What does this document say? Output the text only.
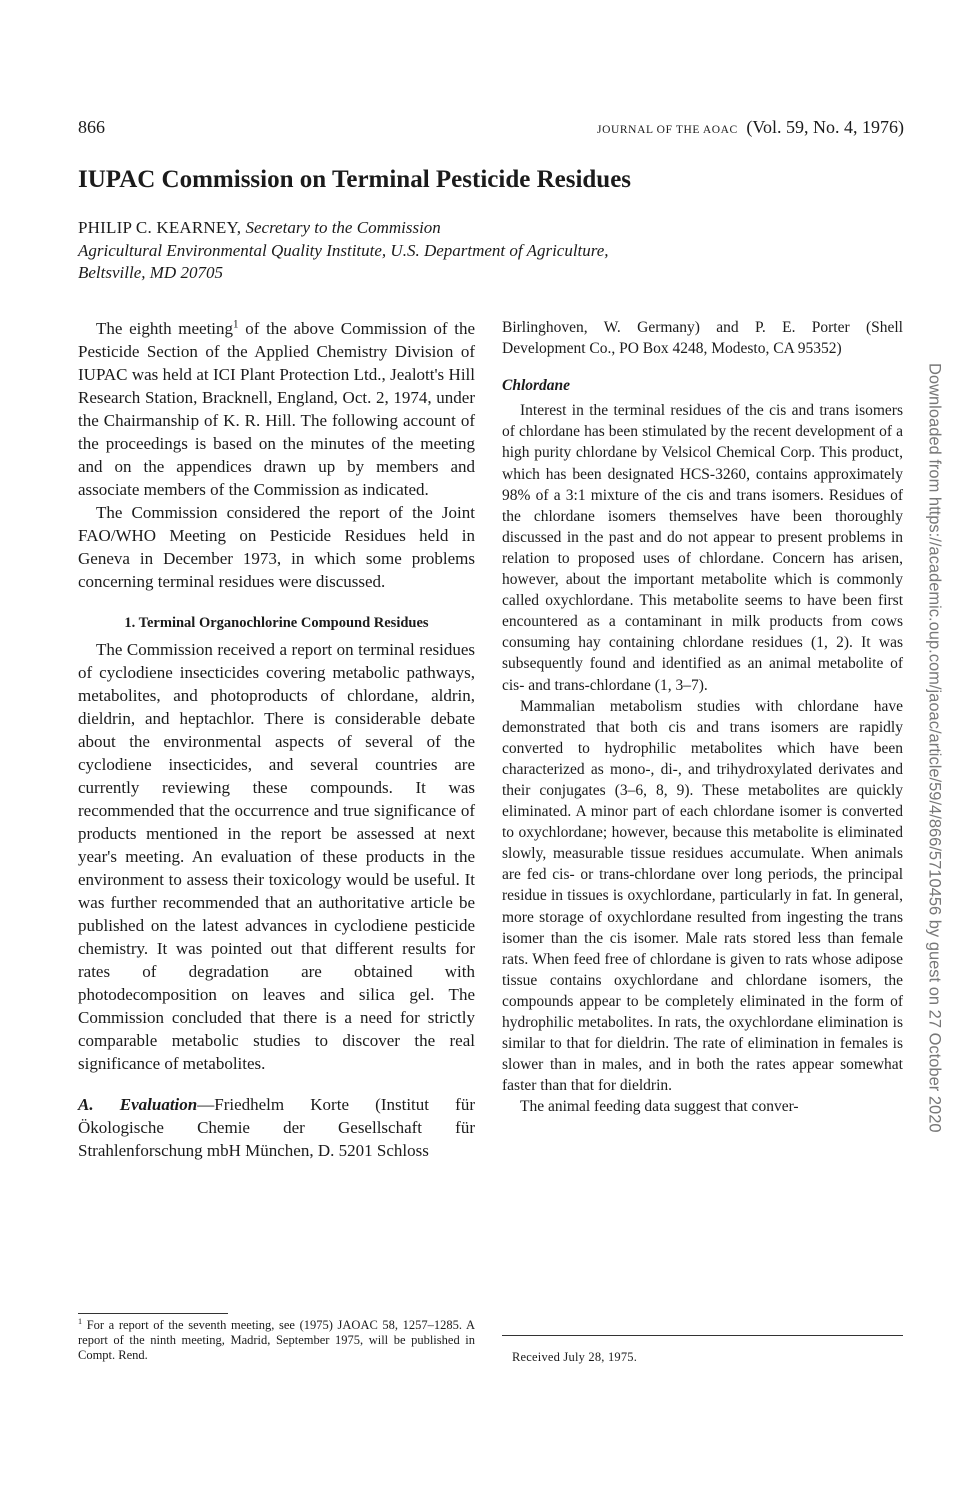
866	JOURNAL OF THE AOAC (Vol. 59, No. 4, 1976)
IUPAC Commission on Terminal Pesticide Residues
PHILIP C. KEARNEY, Secretary to the Commission
Agricultural Environmental Quality Institute, U.S. Department of Agriculture,
Beltsville, MD 20705

The eighth meeting$^1$ of the above Commission of the Pesticide Section of the Applied Chemistry Division of IUPAC was held at ICI Plant Protection Ltd., Jealott's Hill Research Station, Bracknell, England, Oct. 2, 1974, under the Chairmanship of K. R. Hill. The following account of the proceedings is based on the minutes of the meeting and on the appendices drawn up by members and associate members of the Commission as indicated.

The Commission considered the report of the Joint FAO/WHO Meeting on Pesticide Residues held in Geneva in December 1973, in which some problems concerning terminal residues were discussed.

1. Terminal Organochlorine Compound Residues

The Commission received a report on terminal residues of cyclodiene insecticides covering metabolic pathways, metabolites, and photoproducts of chlordane, aldrin, dieldrin, and heptachlor. There is considerable debate about the environmental aspects of several of the cyclodiene insecticides, and several countries are currently reviewing these compounds. It was recommended that the occurrence and true significance of products mentioned in the report be assessed at next year's meeting. An evaluation of these products in the environment to assess their toxicology would be useful. It was further recommended that an authoritative article be published on the latest advances in cyclodiene pesticide chemistry. It was pointed out that different results for rates of degradation are obtained with photodecomposition on leaves and silica gel. The Commission concluded that there is a need for strictly comparable metabolic studies to discover the real significance of metabolites.

A. Evaluation—Friedhelm Korte (Institut für Ökologische Chemie der Gesellschaft für Strahlenforschung mbH München, D. 5201 Schloss

Birlinghoven, W. Germany) and P. E. Porter (Shell Development Co., PO Box 4248, Modesto, CA 95352)

Chlordane

Interest in the terminal residues of the cis and trans isomers of chlordane has been stimulated by the recent development of a high purity chlordane by Velsicol Chemical Corp. This product, which has been designated HCS-3260, contains approximately 98% of a 3:1 mixture of the cis and trans isomers. Residues of the chlordane isomers themselves have been thoroughly discussed in the past and do not appear to present problems in relation to proposed uses of chlordane. Concern has arisen, however, about the important metabolite which is commonly called oxychlordane. This metabolite seems to have been first encountered as a contaminant in milk products from cows consuming hay containing chlordane residues (1, 2). It was subsequently found and identified as an animal metabolite of cis- and trans-chlordane (1, 3–7).

Mammalian metabolism studies with chlordane have demonstrated that both cis and trans isomers are rapidly converted to hydrophilic metabolites which have been characterized as mono-, di-, and trihydroxylated derivates and their conjugates (3–6, 8, 9). These metabolites are quickly eliminated. A minor part of each chlordane isomer is converted to oxychlordane; however, because this metabolite is eliminated slowly, measurable tissue residues accumulate. When animals are fed cis- or trans-chlordane over long periods, the principal residue in tissues is oxychlordane, particularly in fat. In general, more storage of oxychlordane resulted from ingesting the trans isomer than the cis isomer. Male rats stored less than female rats. When feed free of chlordane is given to rats whose adipose tissue contains oxychlordane and chlordane isomers, the compounds appear to be completely eliminated in the form of hydrophilic metabolites. In rats, the oxychlordane elimination is similar to that for dieldrin. The rate of elimination in females is slower than in males, and in both the rates appear somewhat faster than that for dieldrin.

The animal feeding data suggest that conver-

$^1$ For a report of the seventh meeting, see (1975) JAOAC 58, 1257–1285. A report of the ninth meeting, Madrid, September 1975, will be published in Compt. Rend.	Received July 28, 1975.
Downloaded from https://academic.oup.com/jaoac/article/59/4/866/5710456 by guest on 27 October 2020
